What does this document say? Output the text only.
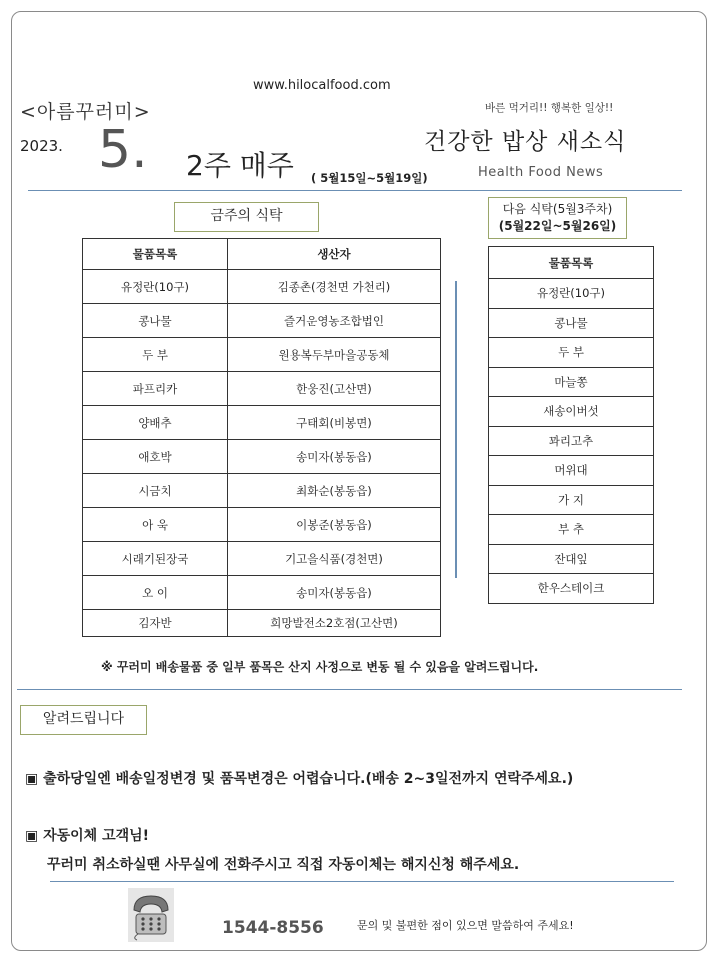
www.hilocalfood.com
<아름꾸러미>	바른 먹거리!! 행복한 일상!!
2023. 5. 2주 매주 ( 5월15일~5월19일)
건강한 밥상 새소식
Health Food News
금주의 식탁	다음 식탁(5월3주차)
(5월22일~5월26일)
물품목록	생산자
유정란(10구)	김종촌(경천면 가천리)
콩나물	즐거운영농조합법인
두 부	원용복두부마을공동체
파프리카	한웅진(고산면)
양배추	구태회(비봉면)
애호박	송미자(봉동읍)
시금치	최화순(봉동읍)
아 욱	이봉준(봉동읍)
시래기된장국	기고을식품(경천면)
오 이	송미자(봉동읍)
김자반	희망발전소2호점(고산면)
물품목록
유정란(10구)
콩나물
두 부
마늘쫑
새송이버섯
꽈리고추
머위대
가 지
부 추
잔대잎
한우스테이크
※ 꾸러미 배송물품 중 일부 품목은 산지 사정으로 변동 될 수 있음을 알려드립니다.
알려드립니다
▣ 출하당일엔 배송일정변경 및 품목변경은 어렵습니다.(배송 2~3일전까지 연락주세요.)
▣ 자동이체 고객님!
꾸러미 취소하실땐 사무실에 전화주시고 직접 자동이체는 해지신청 해주세요.
1544-8556	문의 및 불편한 점이 있으면 말씀하여 주세요!
